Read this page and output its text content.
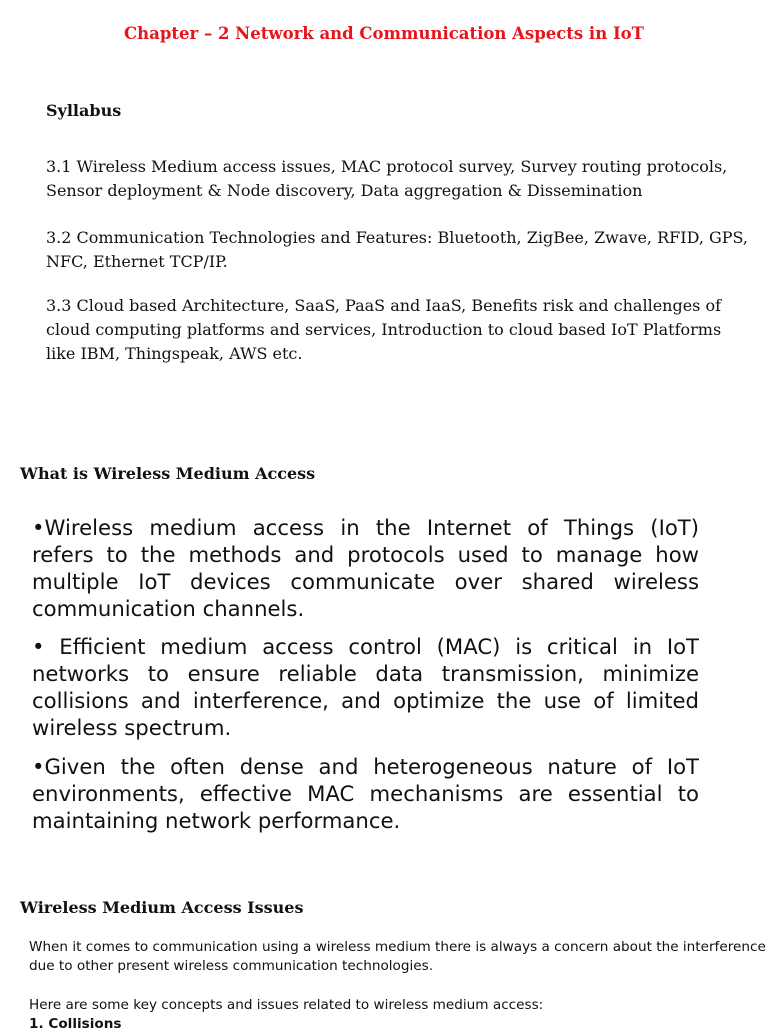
Chapter – 2 Network and Communication Aspects in IoT
Syllabus
3.1 Wireless Medium access issues, MAC protocol survey, Survey routing protocols,
Sensor deployment & Node discovery, Data aggregation & Dissemination
3.2 Communication Technologies and Features: Bluetooth, ZigBee, Zwave, RFID, GPS,
NFC, Ethernet TCP/IP.
3.3 Cloud based Architecture, SaaS, PaaS and IaaS, Benefits risk and challenges of
cloud computing platforms and services, Introduction to cloud based IoT Platforms
like IBM, Thingspeak, AWS etc.
What is Wireless Medium Access
•Wireless medium access in the Internet of Things (IoT)
refers to the methods and protocols used to manage how
multiple IoT devices communicate over shared wireless
communication channels.
• Efficient medium access control (MAC) is critical in IoT
networks to ensure reliable data transmission, minimize
collisions and interference, and optimize the use of limited
wireless spectrum.
•Given the often dense and heterogeneous nature of IoT
environments, effective MAC mechanisms are essential to
maintaining network performance.
Wireless Medium Access Issues
When it comes to communication using a wireless medium there is always a concern about the interference
due to other present wireless communication technologies.
Here are some key concepts and issues related to wireless medium access:
1. Collisions
